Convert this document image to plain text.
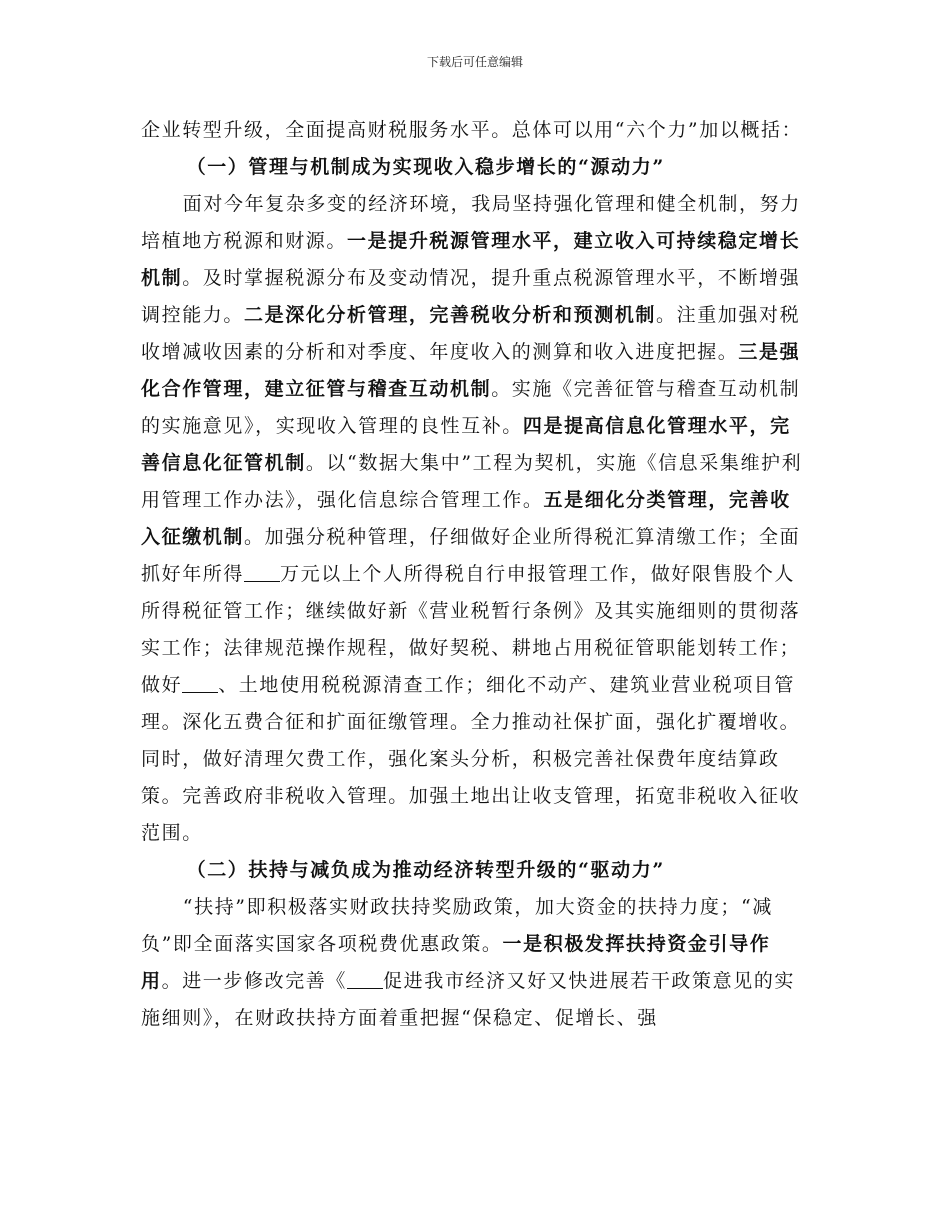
下载后可任意编辑

企业转型升级，全面提高财税服务水平。总体可以用“六个力”加以概括：

（一）管理与机制成为实现收入稳步增长的“源动力”

面对今年复杂多变的经济环境，我局坚持强化管理和健全机制，努力培植地方税源和财源。一是提升税源管理水平，建立收入可持续稳定增长机制。及时掌握税源分布及变动情况，提升重点税源管理水平，不断增强调控能力。二是深化分析管理，完善税收分析和预测机制。注重加强对税收增减收因素的分析和对季度、年度收入的测算和收入进度把握。三是强化合作管理，建立征管与稽查互动机制。实施《完善征管与稽查互动机制的实施意见》，实现收入管理的良性互补。四是提高信息化管理水平，完善信息化征管机制。以“数据大集中”工程为契机，实施《信息采集维护利用管理工作办法》，强化信息综合管理工作。五是细化分类管理，完善收入征缴机制。加强分税种管理，仔细做好企业所得税汇算清缴工作；全面抓好年所得 万元以上个人所得税自行申报管理工作，做好限售股个人所得税征管工作；继续做好新《营业税暂行条例》及其实施细则的贯彻落实工作；法律规范操作规程，做好契税、耕地占用税征管职能划转工作；做好 、土地使用税税源清查工作；细化不动产、建筑业营业税项目管理。深化五费合征和扩面征缴管理。全力推动社保扩面，强化扩覆增收。同时，做好清理欠费工作，强化案头分析，积极完善社保费年度结算政策。完善政府非税收入管理。加强土地出让收支管理，拓宽非税收入征收范围。

（二）扶持与减负成为推动经济转型升级的“驱动力”

“扶持”即积极落实财政扶持奖励政策，加大资金的扶持力度；“减负”即全面落实国家各项税费优惠政策。一是积极发挥扶持资金引导作用。进一步修改完善《 促进我市经济又好又快进展若干政策意见的实施细则》，在财政扶持方面着重把握“保稳定、促增长、强
